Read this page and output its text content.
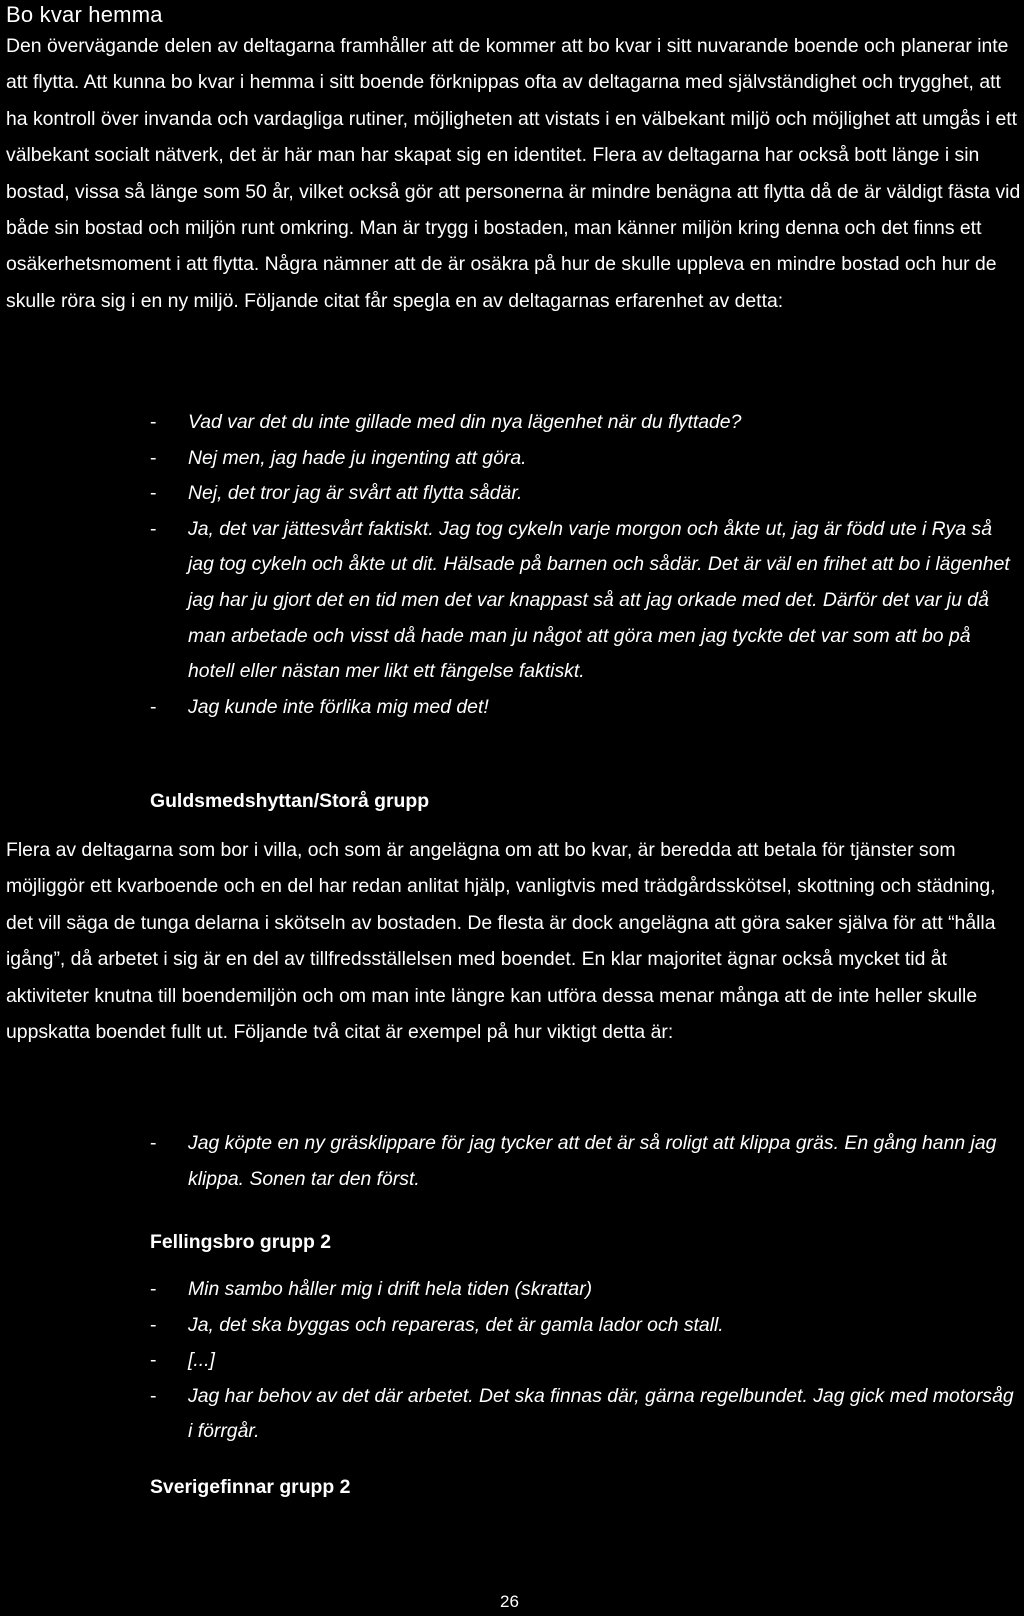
Bo kvar hemma

Den övervägande delen av deltagarna framhåller att de kommer att bo kvar i sitt nuvarande boende och planerar inte att flytta. Att kunna bo kvar i hemma i sitt boende förknippas ofta av deltagarna med självständighet och trygghet, att ha kontroll över invanda och vardagliga rutiner, möjligheten att vistats i en välbekant miljö och möjlighet att umgås i ett välbekant socialt nätverk, det är här man har skapat sig en identitet. Flera av deltagarna har också bott länge i sin bostad, vissa så länge som 50 år, vilket också gör att personerna är mindre benägna att flytta då de är väldigt fästa vid både sin bostad och miljön runt omkring. Man är trygg i bostaden, man känner miljön kring denna och det finns ett osäkerhetsmoment i att flytta. Några nämner att de är osäkra på hur de skulle uppleva en mindre bostad och hur de skulle röra sig i en ny miljö. Följande citat får spegla en av deltagarnas erfarenhet av detta:

- Vad var det du inte gillade med din nya lägenhet när du flyttade?
- Nej men, jag hade ju ingenting att göra.
- Nej, det tror jag är svårt att flytta sådär.
- Ja, det var jättesvårt faktiskt. Jag tog cykeln varje morgon och åkte ut, jag är född ute i Rya så jag tog cykeln och åkte ut dit. Hälsade på barnen och sådär. Det är väl en frihet att bo i lägenhet jag har ju gjort det en tid men det var knappast så att jag orkade med det. Därför det var ju då man arbetade och visst då hade man ju något att göra men jag tyckte det var som att bo på hotell eller nästan mer likt ett fängelse faktiskt.
- Jag kunde inte förlika mig med det!
Guldsmedshyttan/Storå grupp

Flera av deltagarna som bor i villa, och som är angelägna om att bo kvar, är beredda att betala för tjänster som möjliggör ett kvarboende och en del har redan anlitat hjälp, vanligtvis med trädgårdsskötsel, skottning och städning, det vill säga de tunga delarna i skötseln av bostaden. De flesta är dock angelägna att göra saker själva för att “hålla igång”, då arbetet i sig är en del av tillfredsställelsen med boendet. En klar majoritet ägnar också mycket tid åt aktiviteter knutna till boendemiljön och om man inte längre kan utföra dessa menar många att de inte heller skulle uppskatta boendet fullt ut. Följande två citat är exempel på hur viktigt detta är:

- Jag köpte en ny gräsklippare för jag tycker att det är så roligt att klippa gräs. En gång hann jag klippa. Sonen tar den först.
Fellingsbro grupp 2
- Min sambo håller mig i drift hela tiden (skrattar)
- Ja, det ska byggas och repareras, det är gamla lador och stall.
- [...]
- Jag har behov av det där arbetet. Det ska finnas där, gärna regelbundet. Jag gick med motorsåg i förrgår.
Sverigefinnar grupp 2
26
